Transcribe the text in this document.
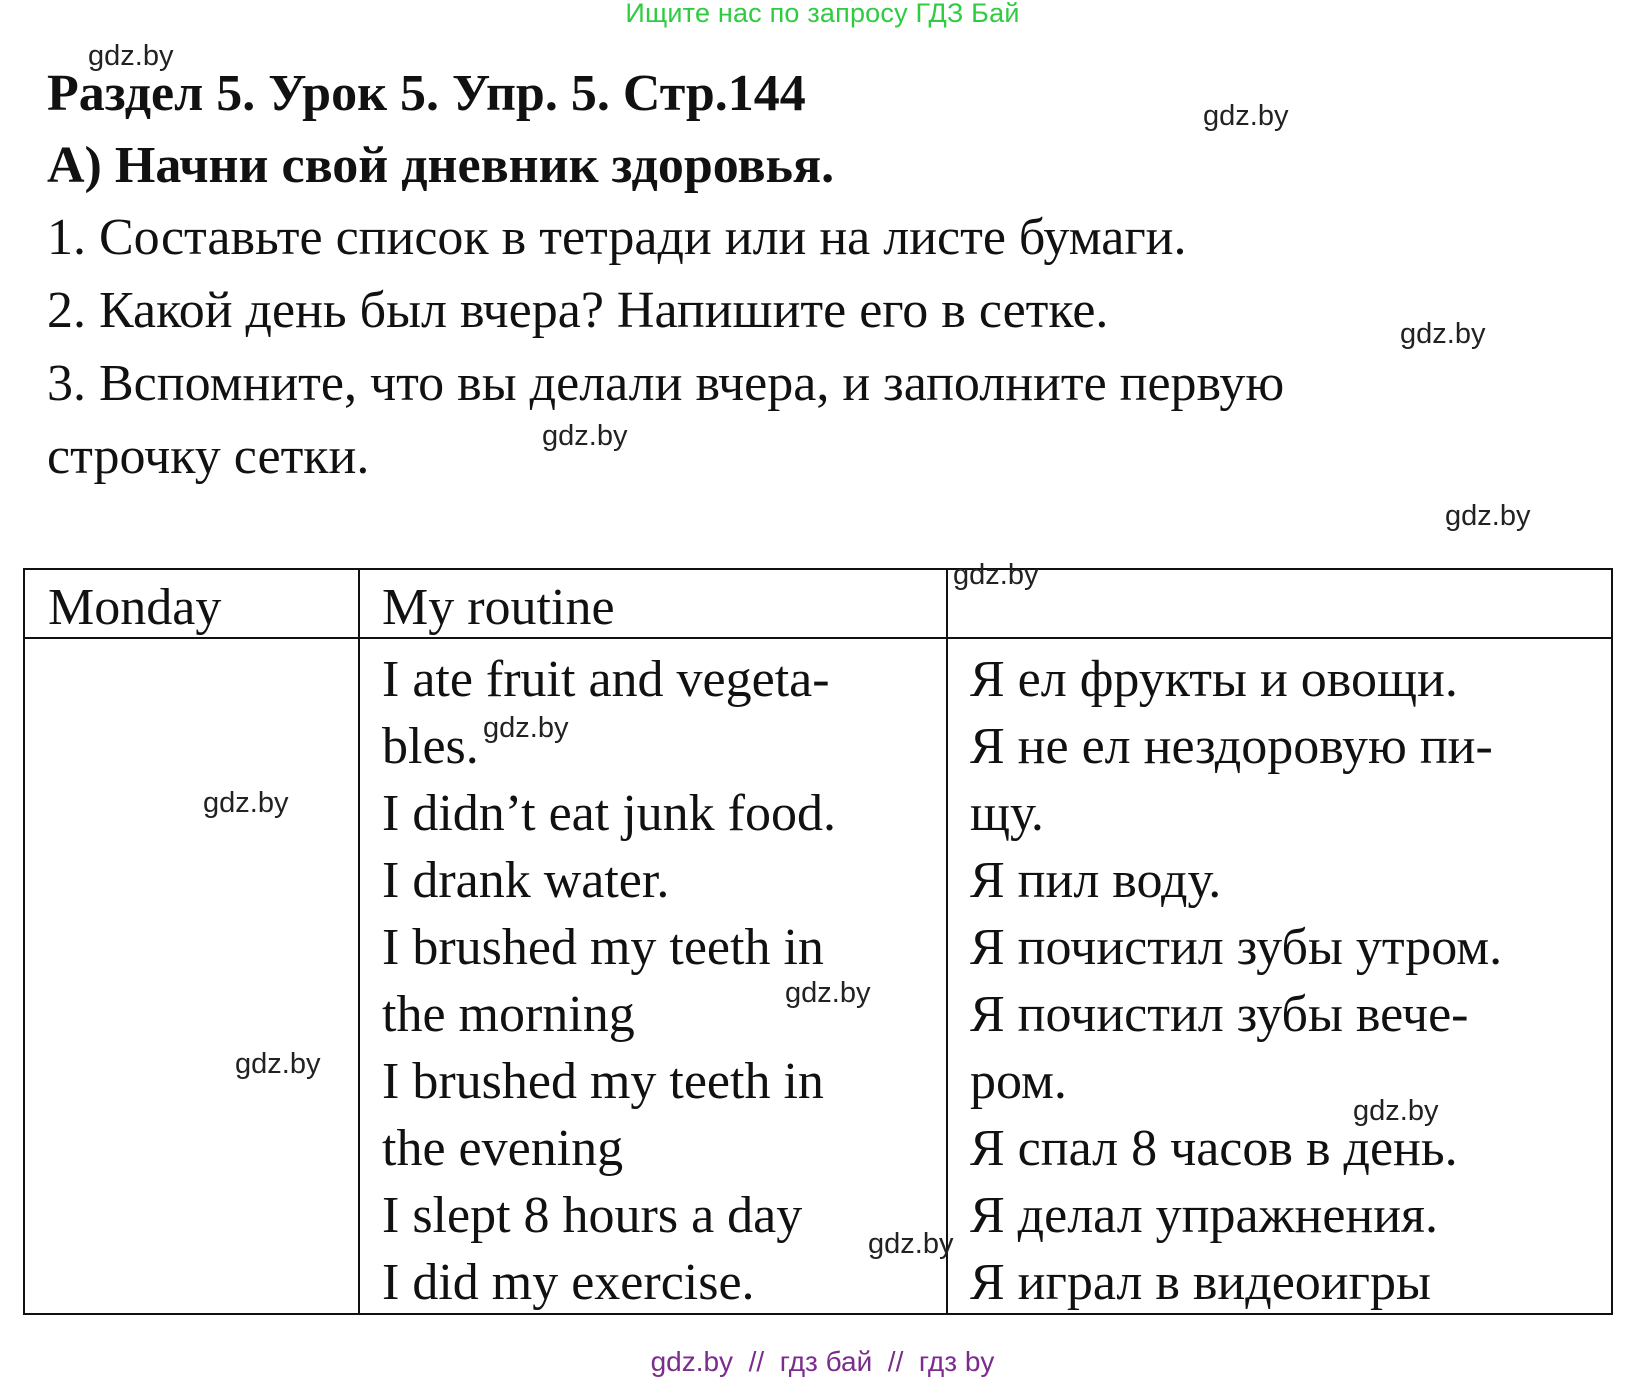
Ищите нас по запросу ГДЗ Бай
Раздел 5. Урок 5. Упр. 5. Стр.144
А) Начни свой дневник здоровья.
1. Составьте список в тетради или на листе бумаги.
2. Какой день был вчера? Напишите его в сетке.
3. Вспомните, что вы делали вчера, и заполните первую
строчку сетки.
Monday	My routine
I ate fruit and vegeta-
bles.
I didn’t eat junk food.
I drank water.
I brushed my teeth in
the morning
I brushed my teeth in
the evening
I slept 8 hours a day
I did my exercise.
Я ел фрукты и овощи.
Я не ел нездоровую пи-
щу.
Я пил воду.
Я почистил зубы утром.
Я почистил зубы вече-
ром.
Я спал 8 часов в день.
Я делал упражнения.
Я играл в видеоигры
gdz.by
gdz.by
gdz.by
gdz.by
gdz.by
gdz.by
gdz.by
gdz.by
gdz.by
gdz.by
gdz.by
gdz.by
gdz.by  //  гдз бай  //  гдз by
